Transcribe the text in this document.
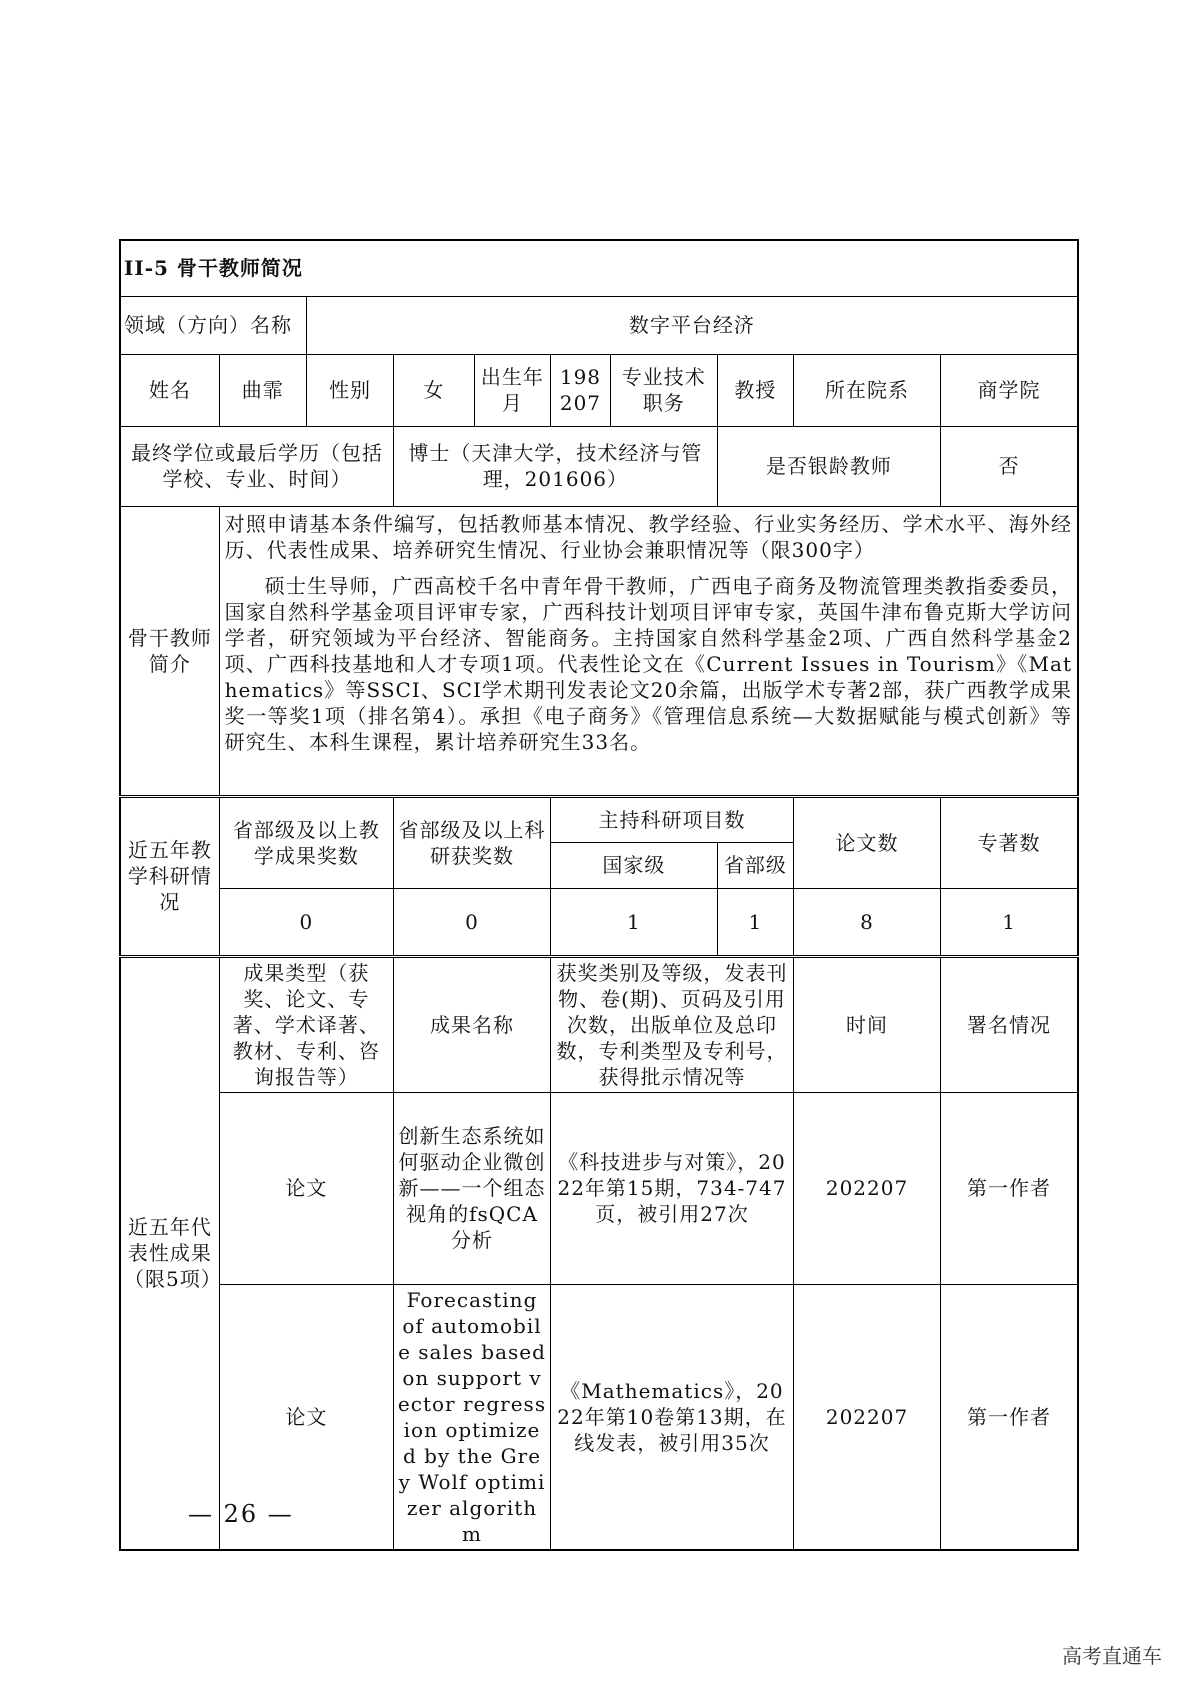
II-5 骨干教师简况									
领域（方向）名称		数字平台经济							
姓名	曲霏	性别	女	出生年月	198207	专业技术职务	教授	所在院系	商学院
最终学位或最后学历（包括学校、专业、时间）			博士（天津大学，技术经济与管理，201606）				是否银龄教师		否
骨干教师简介	对照申请基本条件编写，包括教师基本情况、教学经验、行业实务经历、学术水平、海外经历、代表性成果、培养研究生情况、行业协会兼职情况等（限300字）

硕士生导师，广西高校千名中青年骨干教师，广西电子商务及物流管理类教指委委员，国家自然科学基金项目评审专家，广西科技计划项目评审专家，英国牛津布鲁克斯大学访问学者，研究领域为平台经济、智能商务。主持国家自然科学基金2项、广西自然科学基金2项、广西科技基地和人才专项1项。代表性论文在《Current Issues in Tourism》《Mathematics》等SSCI、SCI学术期刊发表论文20余篇，出版学术专著2部，获广西教学成果奖一等奖1项（排名第4）。承担《电子商务》《管理信息系统—大数据赋能与模式创新》等研究生、本科生课程，累计培养研究生33名。								

近五年教学科研情况	省部级及以上教学成果奖数		省部级及以上科研获奖数		主持科研项目数			论文数	专著数
					国家级		省部级		
	0		0		1		1	8	1
近五年代表性成果（限5项）	成果类型（获奖、论文、专著、学术译著、教材、专利、咨询报告等）		成果名称		获奖类别及等级，发表刊物、卷(期)、页码及引用次数，出版单位及总印数，专利类型及专利号，获得批示情况等			时间	署名情况
	论文		创新生态系统如何驱动企业微创新——一个组态视角的fsQCA分析		《科技进步与对策》，2022年第15期，734-747页，被引用27次			202207	第一作者
	论文		Forecasting of automobile sales based on support vector regression optimized by the Grey Wolf optimizer algorithm		《Mathematics》，2022年第10卷第13期，在线发表，被引用35次			202207	第一作者
— 26 —
高考直通车
